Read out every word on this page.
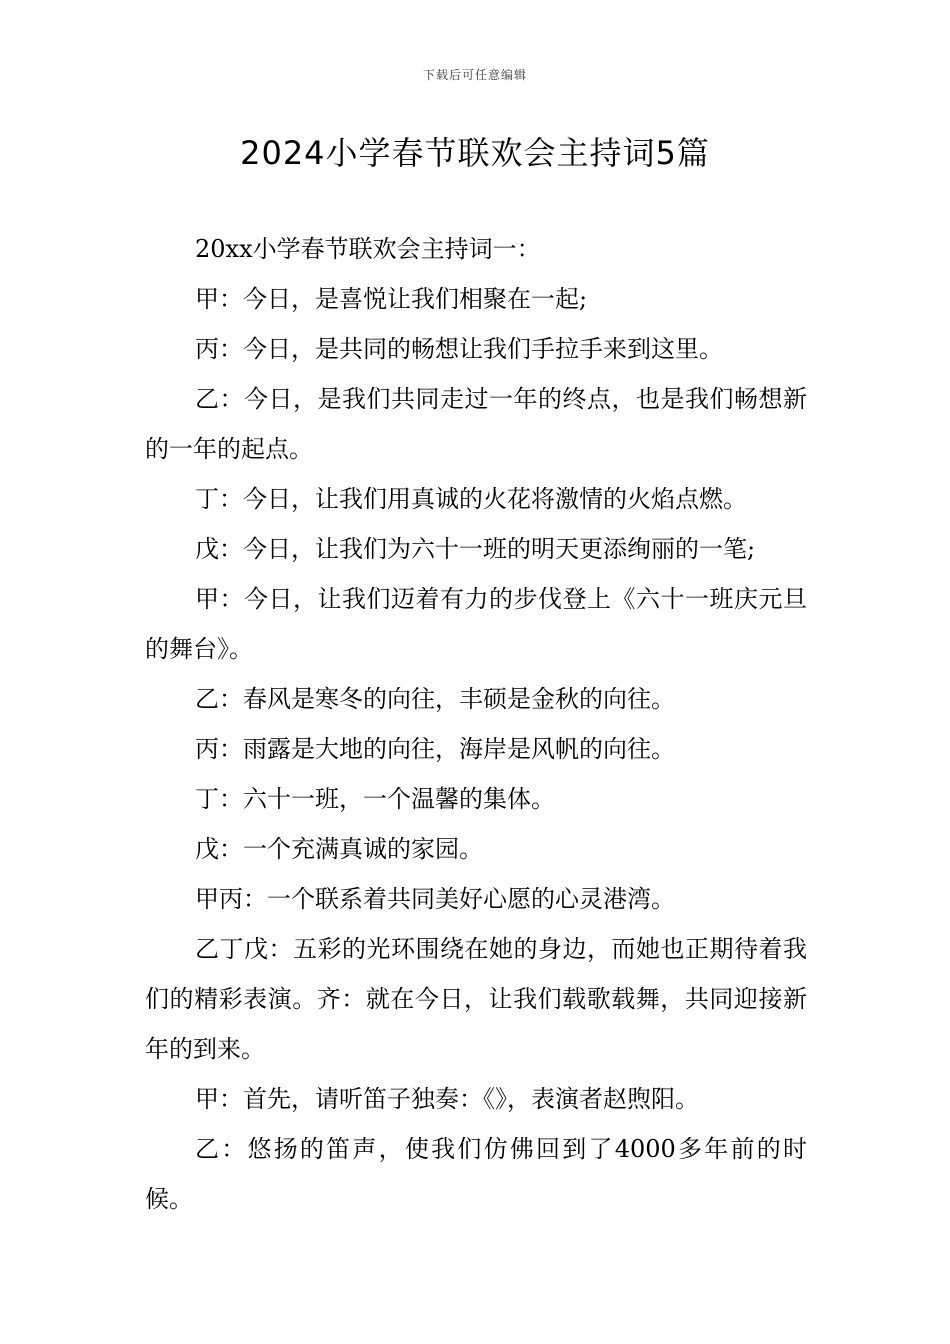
下载后可任意编辑
2024小学春节联欢会主持词5篇

20xx小学春节联欢会主持词一：

甲：今日，是喜悦让我们相聚在一起;

丙：今日，是共同的畅想让我们手拉手来到这里。

乙：今日，是我们共同走过一年的终点，也是我们畅想新的一年的起点。

丁：今日，让我们用真诚的火花将激情的火焰点燃。

戊：今日，让我们为六十一班的明天更添绚丽的一笔;

甲：今日，让我们迈着有力的步伐登上《六十一班庆元旦的舞台》。

乙：春风是寒冬的向往，丰硕是金秋的向往。

丙：雨露是大地的向往，海岸是风帆的向往。

丁：六十一班，一个温馨的集体。

戊：一个充满真诚的家园。

甲丙：一个联系着共同美好心愿的心灵港湾。

乙丁戊：五彩的光环围绕在她的身边，而她也正期待着我们的精彩表演。齐：就在今日，让我们载歌载舞，共同迎接新年的到来。

甲：首先，请听笛子独奏：《》，表演者赵煦阳。

乙：悠扬的笛声，使我们仿佛回到了4000多年前的时候。
